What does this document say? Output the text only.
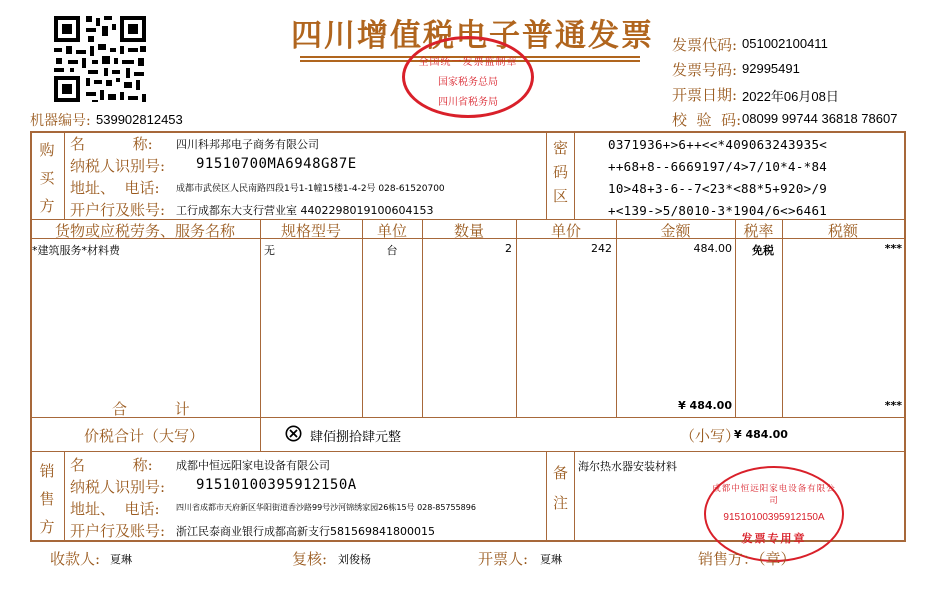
四川增值税电子普通发票
全国统一发票监制章
国家税务总局
四川省税务局
发票代码: 051002100411
发票号码: 92995491
开票日期: 2022年06月08日
校  验  码: 08099 99744 36818 78607
机器编号: 539902812453
购
买
方
名          称: 四川科邦邦电子商务有限公司
纳税人识别号: 91510700MA6948G87E
地址、  电话: 成都市武侯区人民南路四段1号1-1幢15楼1-4-2号 028-61520700
开户行及账号: 工行成都东大支行营业室 4402298019100604153
密
码
区
0371936+>6++<<*409063243935<
++68+8--6669197/4>7/10*4-*84
10>48+3-6--7<23*<88*5+920>/9
+<139->5/8010-3*1904/6<>6461
货物或应税劳务、服务名称	规格型号	单位	数量	单价	金额	税率	税额
*建筑服务*材料费	无	台	2	242	484.00 免税	***
合          计	¥ 484.00	***
价税合计（大写）	肆佰捌拾肆元整	（小写）
¥ 484.00
销
售
方
名          称: 成都中恒远阳家电设备有限公司
纳税人识别号: 91510100395912150A
地址、  电话: 四川省成都市天府新区华阳街道香沙路99号沙河锦绣家园26栋15号 028-85755896
开户行及账号: 浙江民泰商业银行成都高新支行581569841800015
备
注
海尔热水器安装材料
成都中恒远阳家电设备有限公司
91510100395912150A
发票专用章
收款人: 夏琳	复核: 刘俊杨	开票人: 夏琳	销售方：（章）
